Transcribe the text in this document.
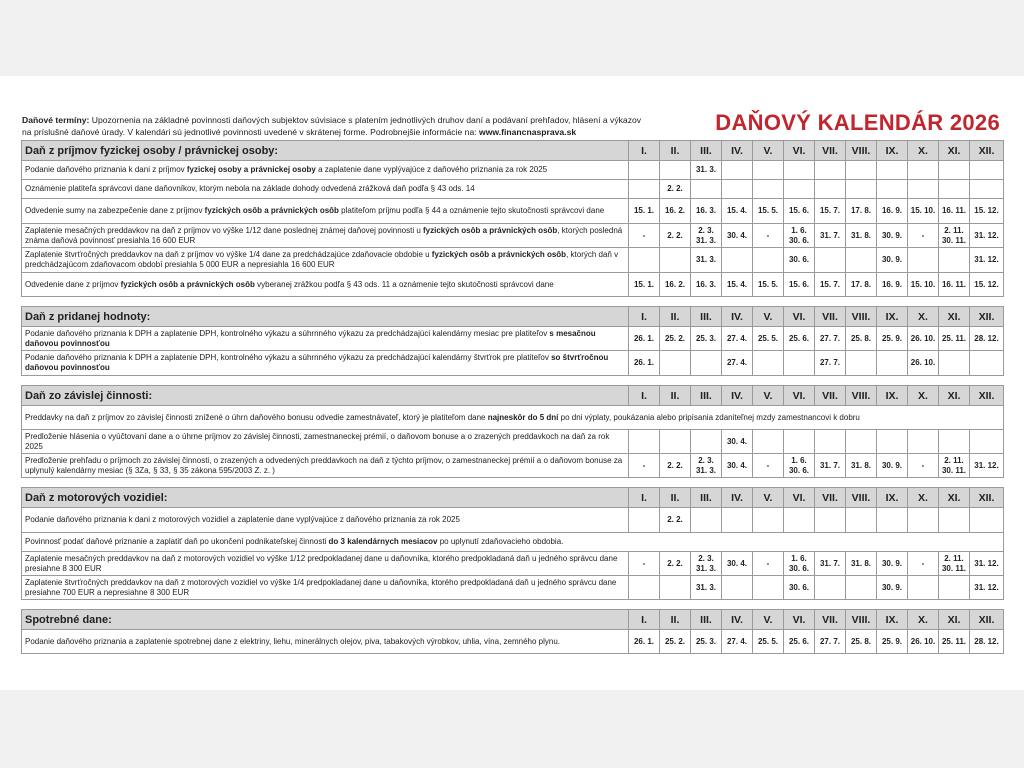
Daňové termíny: Upozornenia na základné povinnosti daňových subjektov súvisiace s platením jednotlivých druhov daní a podávaní prehľadov, hlásení a výkazov
na príslušné daňové úrady. V kalendári sú jednotlivé povinnosti uvedené v skrátenej forme. Podrobnejšie informácie na: www.financnasprava.sk	DAŇOVÝ KALENDÁR 2026
Daň z príjmov fyzickej osoby / právnickej osoby:	I.	II.	III.	IV.	V.	VI.	VII.	VIII.	IX.	X.	XI.	XII.
Podanie daňového priznania k dani z príjmov fyzickej osoby a právnickej osoby a zaplatenie dane vyplývajúce z daňového priznania za rok 2025			31. 3.									
Oznámenie platiteľa správcovi dane daňovníkov, ktorým nebola na základe dohody odvedená zrážková daň podľa § 43 ods. 14		2. 2.										
Odvedenie sumy na zabezpečenie dane z príjmov fyzických osôb a právnických osôb platiteľom príjmu podľa § 44 a oznámenie tejto skutočnosti správcovi dane	15. 1.	16. 2.	16. 3.	15. 4.	15. 5.	15. 6.	15. 7.	17. 8.	16. 9.	15. 10.	16. 11.	15. 12.
Zaplatenie mesačných preddavkov na daň z príjmov vo výške 1/12 dane poslednej známej daňovej povinnosti u fyzických osôb a právnických osôb, ktorých posledná známa daňová povinnosť presiahla 16 600 EUR	-	2. 2.	2. 3. 31. 3.	30. 4.	-	1. 6. 30. 6.	31. 7.	31. 8.	30. 9.	-	2. 11. 30. 11.	31. 12.
Zaplatenie štvrťročných preddavkov na daň z príjmov vo výške 1/4 dane za predchádzajúce zdaňovacie obdobie u fyzických osôb a právnických osôb, ktorých daň v predchádzajúcom zdaňovacom období presiahla 5 000 EUR a nepresiahla 16 600 EUR			31. 3.			30. 6.			30. 9.			31. 12.
Odvedenie dane z príjmov fyzických osôb a právnických osôb vyberanej zrážkou podľa § 43 ods. 11 a oznámenie tejto skutočnosti správcovi dane	15. 1.	16. 2.	16. 3.	15. 4.	15. 5.	15. 6.	15. 7.	17. 8.	16. 9.	15. 10.	16. 11.	15. 12.

Daň z pridanej hodnoty:	I.	II.	III.	IV.	V.	VI.	VII.	VIII.	IX.	X.	XI.	XII.
Podanie daňového priznania k DPH a zaplatenie DPH, kontrolného výkazu a súhrnného výkazu za predchádzajúci kalendárny mesiac pre platiteľov s mesačnou daňovou povinnosťou	26. 1.	25. 2.	25. 3.	27. 4.	25. 5.	25. 6.	27. 7.	25. 8.	25. 9.	26. 10.	25. 11.	28. 12.
Podanie daňového priznania k DPH a zaplatenie DPH, kontrolného výkazu a súhrnného výkazu za predchádzajúci kalendárny štvrťrok pre platiteľov so štvrťročnou daňovou povinnosťou	26. 1.			27. 4.			27. 7.			26. 10.		

Daň zo závislej činnosti:	I.	II.	III.	IV.	V.	VI.	VII.	VIII.	IX.	X.	XI.	XII.
Preddavky na daň z príjmov zo závislej činnosti znížené o úhrn daňového bonusu odvedie zamestnávateľ, ktorý je platiteľom dane najneskôr do 5 dní po dni výplaty, poukázania alebo pripísania zdaniteľnej mzdy zamestnancovi k dobru												
Predloženie hlásenia o vyúčtovaní dane a o úhrne príjmov zo závislej činnosti, zamestnaneckej prémií, o daňovom bonuse a o zrazených preddavkoch na daň za rok 2025				30. 4.								
Predloženie prehľadu o príjmoch zo závislej činnosti, o zrazených a odvedených preddavkoch na daň z týchto príjmov, o zamestnaneckej prémií a o daňovom bonuse za uplynulý kalendárny mesiac (§ 3Za, § 33, § 35 zákona 595/2003 Z. z. )	-	2. 2.	2. 3. 31. 3.	30. 4.	-	1. 6. 30. 6.	31. 7.	31. 8.	30. 9.	-	2. 11. 30. 11.	31. 12.

Daň z motorových vozidiel:	I.	II.	III.	IV.	V.	VI.	VII.	VIII.	IX.	X.	XI.	XII.
Podanie daňového priznania k dani z motorových vozidiel a zaplatenie dane vyplývajúce z daňového priznania za rok 2025		2. 2.										
Povinnosť podať daňové priznanie a zaplatiť daň po ukončení podnikateľskej činnosti do 3 kalendárnych mesiacov po uplynutí zdaňovacieho obdobia.												
Zaplatenie mesačných preddavkov na daň z motorových vozidiel vo výške 1/12 predpokladanej dane u daňovníka, ktorého predpokladaná daň u jedného správcu dane presiahne 8 300 EUR	-	2. 2.	2. 3. 31. 3.	30. 4.	-	1. 6. 30. 6.	31. 7.	31. 8.	30. 9.	-	2. 11. 30. 11.	31. 12.
Zaplatenie štvrťročných preddavkov na daň z motorových vozidiel vo výške 1/4 predpokladanej dane u daňovníka, ktorého predpokladaná daň u jedného správcu dane presiahne 700 EUR a nepresiahne 8 300 EUR			31. 3.			30. 6.			30. 9.			31. 12.

Spotrebné dane:	I.	II.	III.	IV.	V.	VI.	VII.	VIII.	IX.	X.	XI.	XII.
Podanie daňového priznania a zaplatenie spotrebnej dane z elektriny, liehu, minerálnych olejov, piva, tabakových výrobkov, uhlia, vína, zemného plynu.	26. 1.	25. 2.	25. 3.	27. 4.	25. 5.	25. 6.	27. 7.	25. 8.	25. 9.	26. 10.	25. 11.	28. 12.
